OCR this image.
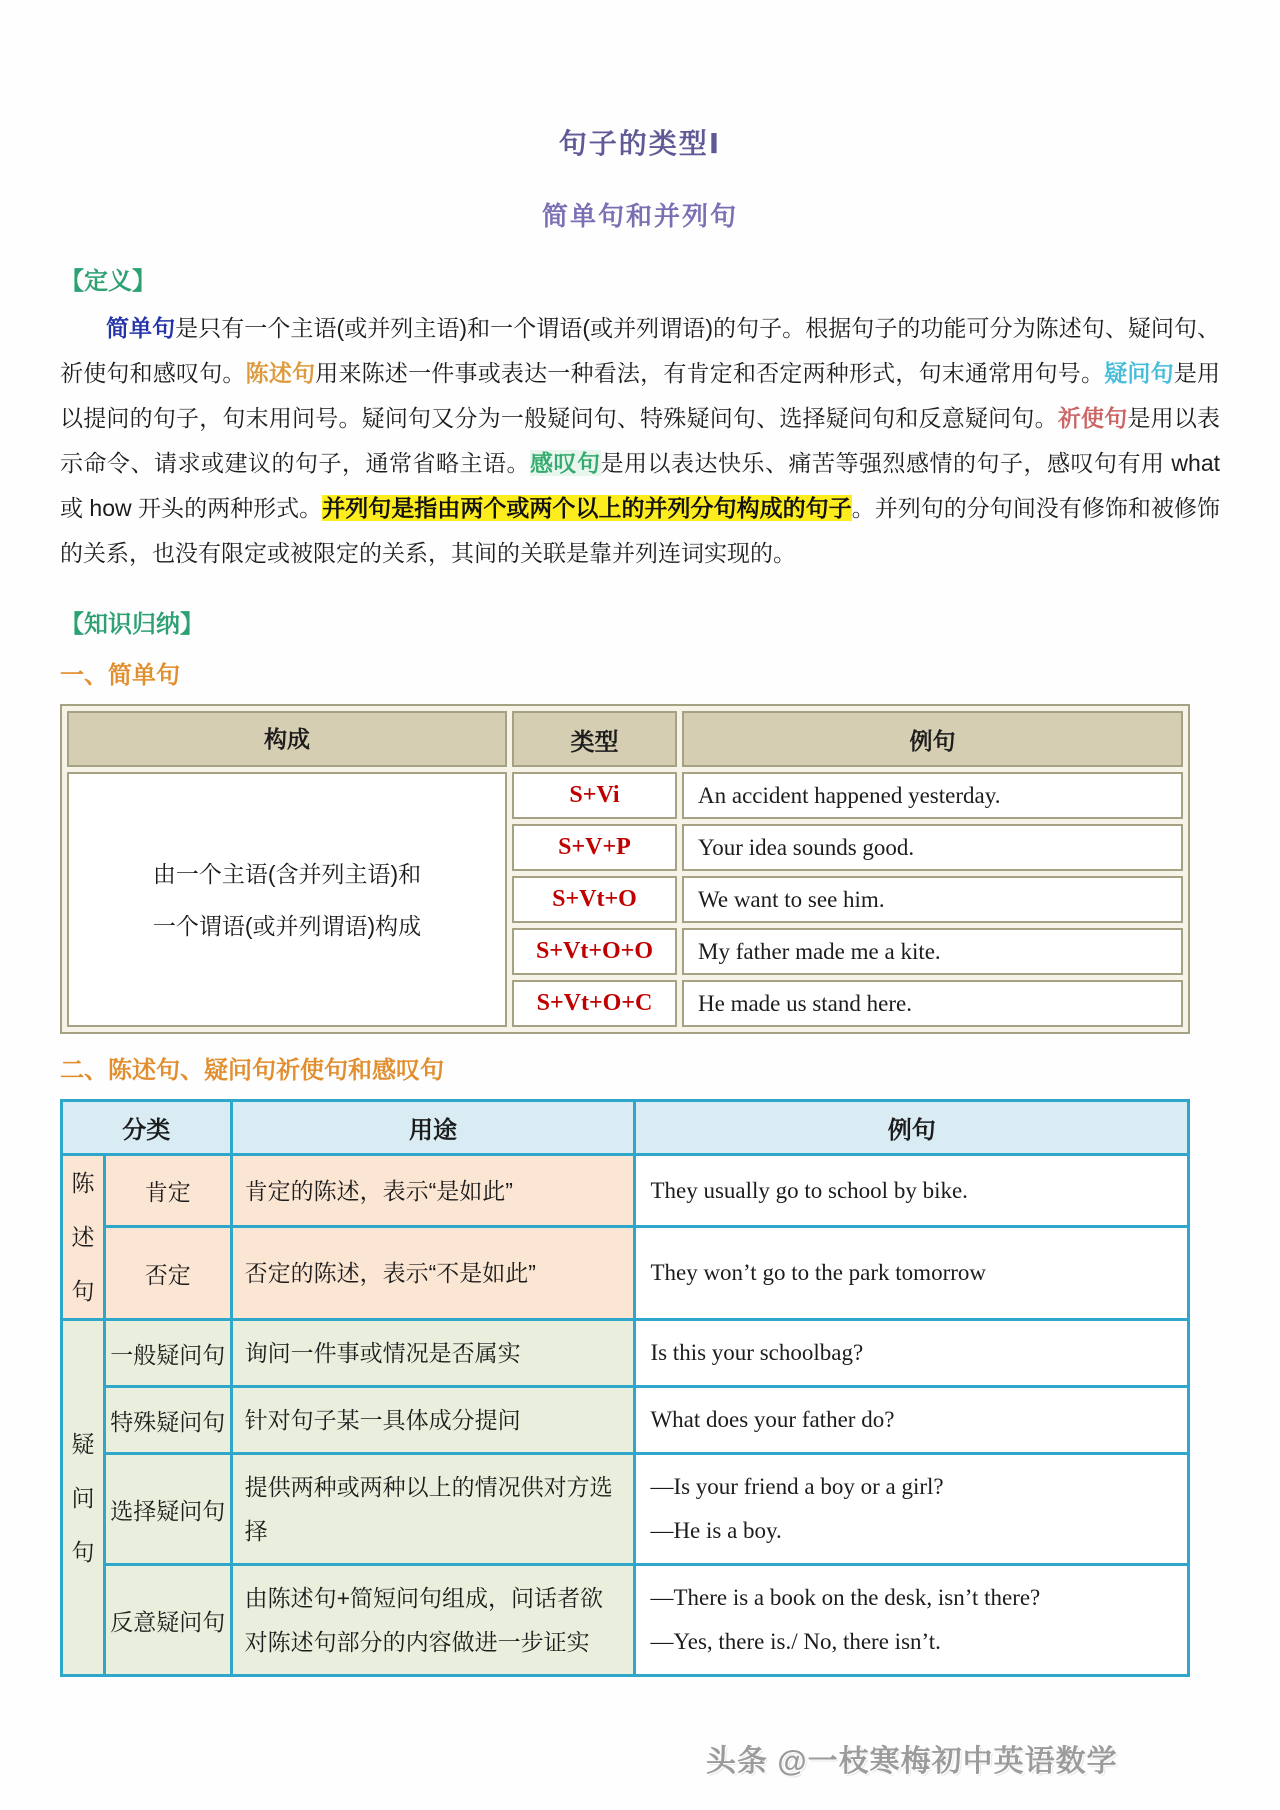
句子的类型Ⅰ
简单句和并列句
【定义】

简单句是只有一个主语(或并列主语)和一个谓语(或并列谓语)的句子。根据句子的功能可分为陈述句、疑问句、祈使句和感叹句。陈述句用来陈述一件事或表达一种看法，有肯定和否定两种形式，句末通常用句号。疑问句是用以提问的句子，句末用问号。疑问句又分为一般疑问句、特殊疑问句、选择疑问句和反意疑问句。祈使句是用以表示命令、请求或建议的句子，通常省略主语。感叹句是用以表达快乐、痛苦等强烈感情的句子，感叹句有用 what 或 how 开头的两种形式。并列句是指由两个或两个以上的并列分句构成的句子。并列句的分句间没有修饰和被修饰的关系，也没有限定或被限定的关系，其间的关联是靠并列连词实现的。

【知识归纳】
一、简单句
构成	类型	例句

由一个主语(含并列主语)和
一个谓语(或并列谓语)构成	S+Vi	An accident happened yesterday.
	S+V+P	Your idea sounds good.
	S+Vt+O	We want to see him.
	S+Vt+O+O	My father made me a kite.
	S+Vt+O+C	He made us stand here.
二、陈述句、疑问句祈使句和感叹句
分类		用途	例句

陈述句	肯定	肯定的陈述，表示“是如此”	They usually go to school by bike.
	否定	否定的陈述，表示“不是如此”	They won’t go to the park tomorrow

疑问句	一般疑问句	询问一件事或情况是否属实	Is this your schoolbag?
	特殊疑问句	针对句子某一具体成分提问	What does your father do?
	选择疑问句	提供两种或两种以上的情况供对方选择	—Is your friend a boy or a girl?
—He is a boy.

	反意疑问句	由陈述句+简短问句组成，问话者欲对陈述句部分的内容做进一步证实	—There is a book on the desk, isn’t there?
—Yes, there is./ No, there isn’t.
头条 @一枝寒梅初中英语数学
